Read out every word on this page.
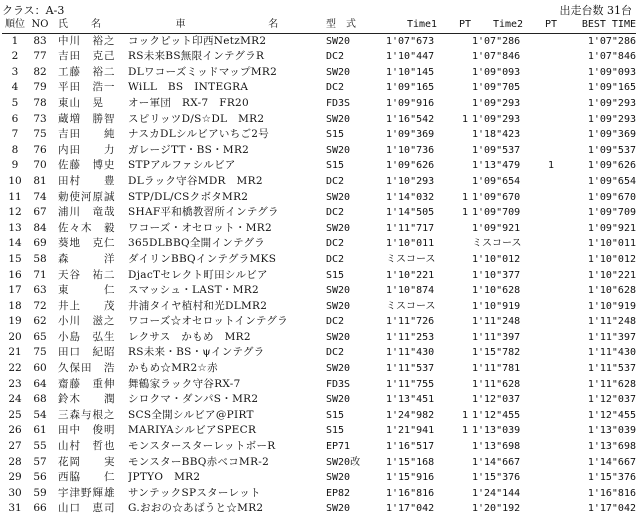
クラス：A-3	出走台数 31台
順位	NO	氏　　名	車　　　　　　　　名	型　式	Time1	PT	Time2	PT	BEST TIME
1	83	中川　裕之	コックピット印西NetzMR2	SW20	1'07"673		1'07"286		1'07"286
2	77	吉田　克己	RS未来BS無限インテグラR	DC2	1'10"447		1'07"846		1'07"846
3	82	工藤　裕二	DLワコーズミッドマップMR2	SW20	1'10"145		1'09"093		1'09"093
4	79	平田　浩一	WiLL　BS　INTEGRA	DC2	1'09"165		1'09"705		1'09"165
5	78	東山　晃	オー軍団　RX-7　FR20	FD3S	1'09"916		1'09"293		1'09"293
6	73	蔵増　勝智	スピリッツD/S☆DL　MR2	SW20	1'16"542	1	1'09"293		1'09"293
7	75	吉田　　純	ナスカDLシルビアいちご2号	S15	1'09"369		1'18"423		1'09"369
8	76	内田　　力	ガレージTT・BS・MR2	SW20	1'10"736		1'09"537		1'09"537
9	70	佐藤　博史	STPアルファシルビア	S15	1'09"626		1'13"479	1	1'09"626
10	81	田村　　豊	DLラック守谷MDR　MR2	DC2	1'10"293		1'09"654		1'09"654
11	74	勅使河原誠	STP/DL/CSクボタMR2	SW20	1'14"032	1	1'09"670		1'09"670
12	67	浦川　竜哉	SHAF平和橋教習所インテグラ	DC2	1'14"505	1	1'09"709		1'09"709
13	84	佐々木　毅	ワコーズ・オセロット・MR2	SW20	1'11"717		1'09"921		1'09"921
14	69	葵地　克仁	365DLBBQ全開インテグラ	DC2	1'10"011		ミスコース		1'10"011
15	58	森　　　洋	ダイリンBBQインテグラMKS	DC2	ミスコース		1'10"012		1'10"012
16	71	天谷　祐二	DjacTセレクト町田シルビア	S15	1'10"221		1'10"377		1'10"221
17	63	東　　　仁	スマッシュ・LAST・MR2	SW20	1'10"874		1'10"628		1'10"628
18	72	井上　　茂	井浦タイヤ植村和光DLMR2	SW20	ミスコース		1'10"919		1'10"919
19	62	小川　滋之	ワコーズ☆オセロットインテグラ	DC2	1'11"726		1'11"248		1'11"248
20	65	小島　弘生	レクサス　かもめ　MR2	SW20	1'11"253		1'11"397		1'11"397
21	75	田口　紀昭	RS未来・BS・ψインテグラ	DC2	1'11"430		1'15"782		1'11"430
22	60	久保田　浩	かもめ☆MR2☆赤	SW20	1'11"537		1'11"781		1'11"537
23	64	齋藤　重伸	舞鶴家ラック守谷RX-7	FD3S	1'11"755		1'11"628		1'11"628
24	68	鈴木　　潤	シロクマ・ダンパS・MR2	SW20	1'13"451		1'12"037		1'12"037
25	54	三森与根之	SCS全開シルビア@PIRT	S15	1'24"982	1	1'12"455		1'12"455
26	61	田中　俊明	MARIYAシルビアSPECR	S15	1'21"941	1	1'13"039		1'13"039
27	55	山村　哲也	モンスタースターレットボーR	EP71	1'16"517		1'13"698		1'13"698
28	57	花岡　　実	モンスターBBQ赤ベコMR-2	SW20改	1'15"168		1'14"667		1'14"667
29	56	西脇　　仁	JPTYO　MR2	SW20	1'15"916		1'15"376		1'15"376
30	59	宇津野輝雄	サンテックSPスターレット	EP82	1'16"816		1'24"144		1'16"816
31	66	山口　恵司	G.おおの☆あばうと☆MR2	SW20	1'17"042		1'20"192		1'17"042
